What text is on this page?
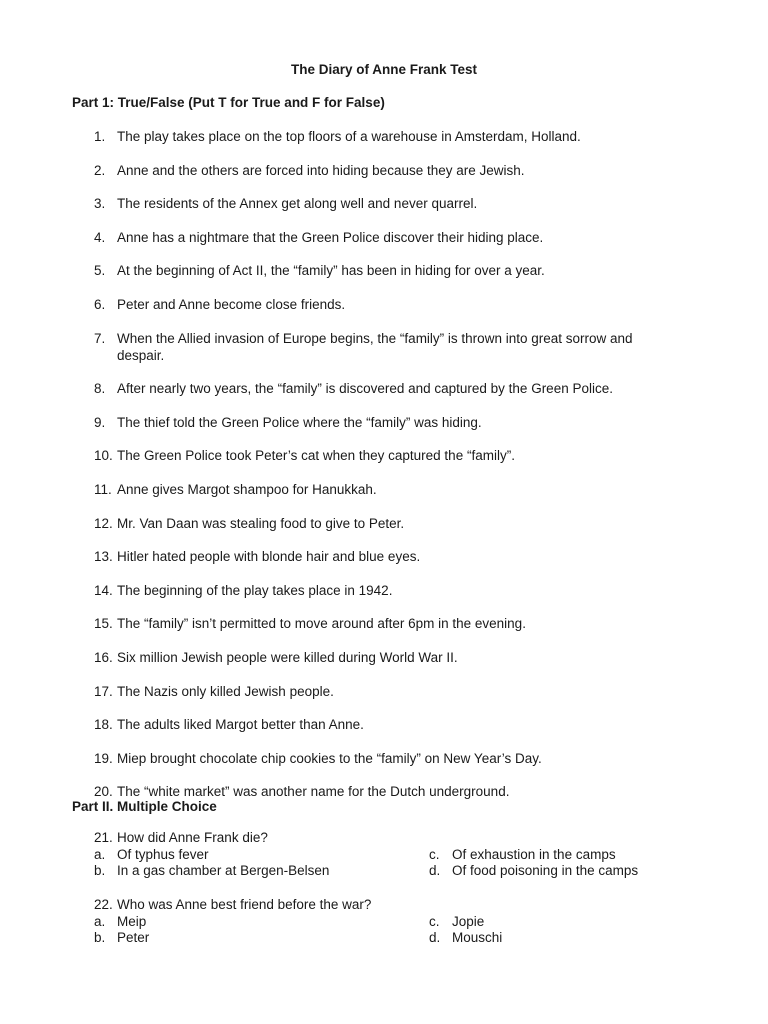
The Diary of Anne Frank Test
Part 1: True/False (Put T for True and F for False)
1. The play takes place on the top floors of a warehouse in Amsterdam, Holland.
2. Anne and the others are forced into hiding because they are Jewish.
3. The residents of the Annex get along well and never quarrel.
4. Anne has a nightmare that the Green Police discover their hiding place.
5. At the beginning of Act II, the “family” has been in hiding for over a year.
6. Peter and Anne become close friends.
7. When the Allied invasion of Europe begins, the “family” is thrown into great sorrow and despair.
8. After nearly two years, the “family” is discovered and captured by the Green Police.
9. The thief told the Green Police where the “family” was hiding.
10. The Green Police took Peter’s cat when they captured the “family”.
11. Anne gives Margot shampoo for Hanukkah.
12. Mr. Van Daan was stealing food to give to Peter.
13. Hitler hated people with blonde hair and blue eyes.
14. The beginning of the play takes place in 1942.
15. The “family” isn’t permitted to move around after 6pm in the evening.
16. Six million Jewish people were killed during World War II.
17. The Nazis only killed Jewish people.
18. The adults liked Margot better than Anne.
19. Miep brought chocolate chip cookies to the “family” on New Year’s Day.
20. The “white market” was another name for the Dutch underground.
Part II. Multiple Choice
21. How did Anne Frank die?
a. Of typhus fever	c. Of exhaustion in the camps
b. In a gas chamber at Bergen-Belsen	d. Of food poisoning in the camps
22. Who was Anne best friend before the war?
a. Meip	c. Jopie
b. Peter	d. Mouschi
